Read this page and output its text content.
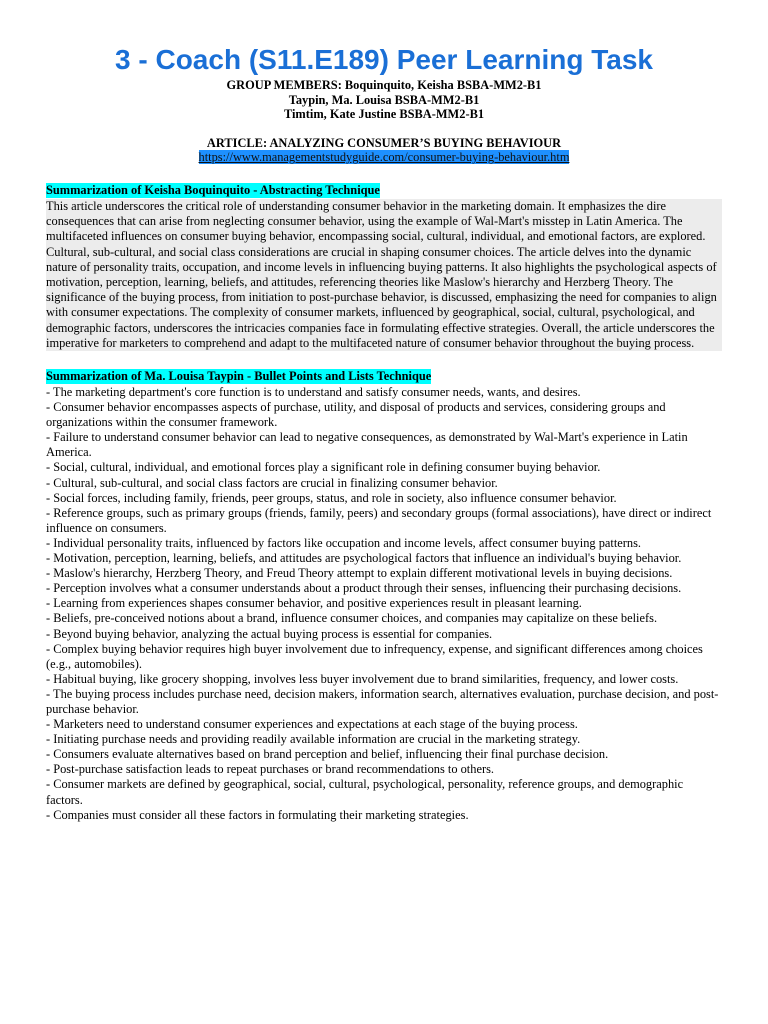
3 - Coach (S11.E189) Peer Learning Task
GROUP MEMBERS: Boquinquito, Keisha BSBA-MM2-B1
Taypin, Ma. Louisa BSBA-MM2-B1
Timtim, Kate Justine BSBA-MM2-B1
ARTICLE: ANALYZING CONSUMER’S BUYING BEHAVIOUR
https://www.managementstudyguide.com/consumer-buying-behaviour.htm
Summarization of Keisha Boquinquito - Abstracting Technique

This article underscores the critical role of understanding consumer behavior in the marketing domain. It emphasizes the dire consequences that can arise from neglecting consumer behavior, using the example of Wal-Mart's misstep in Latin America. The multifaceted influences on consumer buying behavior, encompassing social, cultural, individual, and emotional factors, are explored. Cultural, sub-cultural, and social class considerations are crucial in shaping consumer choices. The article delves into the dynamic nature of personality traits, occupation, and income levels in influencing buying patterns. It also highlights the psychological aspects of motivation, perception, learning, beliefs, and attitudes, referencing theories like Maslow's hierarchy and Herzberg Theory. The significance of the buying process, from initiation to post-purchase behavior, is discussed, emphasizing the need for companies to align with consumer expectations. The complexity of consumer markets, influenced by geographical, social, cultural, psychological, and demographic factors, underscores the intricacies companies face in formulating effective strategies. Overall, the article underscores the imperative for marketers to comprehend and adapt to the multifaceted nature of consumer behavior throughout the buying process.

Summarization of Ma. Louisa Taypin - Bullet Points and Lists Technique
- The marketing department's core function is to understand and satisfy consumer needs, wants, and desires.
- Consumer behavior encompasses aspects of purchase, utility, and disposal of products and services, considering groups and organizations within the consumer framework.
- Failure to understand consumer behavior can lead to negative consequences, as demonstrated by Wal-Mart's experience in Latin America.
- Social, cultural, individual, and emotional forces play a significant role in defining consumer buying behavior.
- Cultural, sub-cultural, and social class factors are crucial in finalizing consumer behavior.
- Social forces, including family, friends, peer groups, status, and role in society, also influence consumer behavior.
- Reference groups, such as primary groups (friends, family, peers) and secondary groups (formal associations), have direct or indirect influence on consumers.
- Individual personality traits, influenced by factors like occupation and income levels, affect consumer buying patterns.
- Motivation, perception, learning, beliefs, and attitudes are psychological factors that influence an individual's buying behavior.
- Maslow's hierarchy, Herzberg Theory, and Freud Theory attempt to explain different motivational levels in buying decisions.
- Perception involves what a consumer understands about a product through their senses, influencing their purchasing decisions.
- Learning from experiences shapes consumer behavior, and positive experiences result in pleasant learning.
- Beliefs, pre-conceived notions about a brand, influence consumer choices, and companies may capitalize on these beliefs.
- Beyond buying behavior, analyzing the actual buying process is essential for companies.
- Complex buying behavior requires high buyer involvement due to infrequency, expense, and significant differences among choices (e.g., automobiles).
- Habitual buying, like grocery shopping, involves less buyer involvement due to brand similarities, frequency, and lower costs.
- The buying process includes purchase need, decision makers, information search, alternatives evaluation, purchase decision, and post-purchase behavior.
- Marketers need to understand consumer experiences and expectations at each stage of the buying process.
- Initiating purchase needs and providing readily available information are crucial in the marketing strategy.
- Consumers evaluate alternatives based on brand perception and belief, influencing their final purchase decision.
- Post-purchase satisfaction leads to repeat purchases or brand recommendations to others.
- Consumer markets are defined by geographical, social, cultural, psychological, personality, reference groups, and demographic factors.
- Companies must consider all these factors in formulating their marketing strategies.
